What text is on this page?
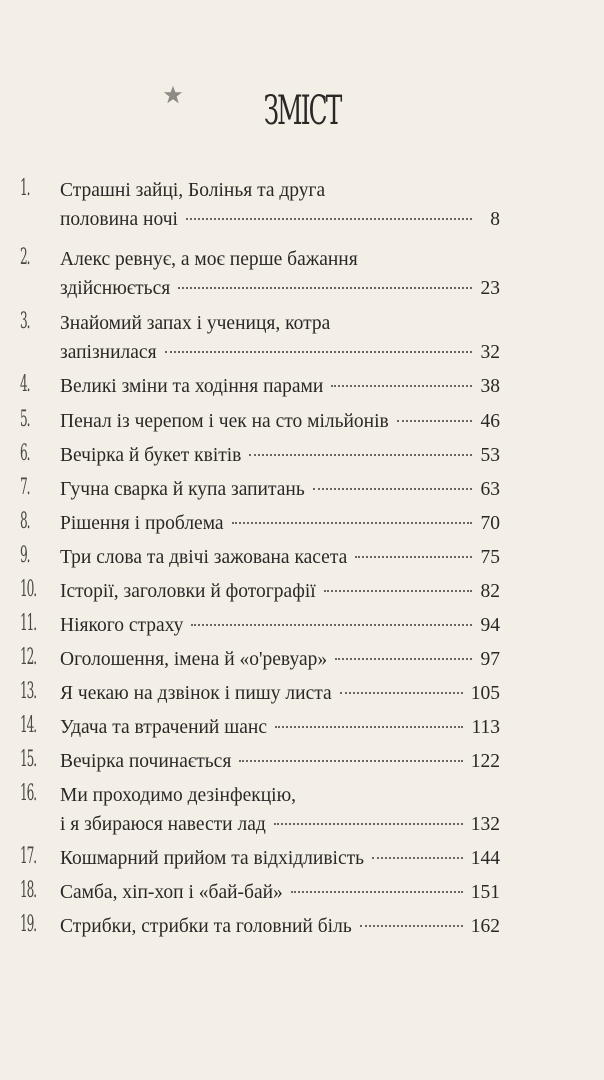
ЗМІСТ
1.	Страшні зайці, Болінья та друга
половина ночі	8
2.	Алекс ревнує, а моє перше бажання
здійснюється	23
3.	Знайомий запах і учениця, котра
запізнилася	32
4.	Великі зміни та ходіння парами	38
5.	Пенал із черепом і чек на сто мільйонів	46
6.	Вечірка й букет квітів	53
7.	Гучна сварка й купа запитань	63
8.	Рішення і проблема	70
9.	Три слова та двічі зажована касета	75
10. Історії, заголовки й фотографії	82
11. Ніякого страху	94
12. Оголошення, імена й «о'ревуар»	97
13. Я чекаю на дзвінок і пишу листа	105
14. Удача та втрачений шанс	113
15. Вечірка починається	122
16. Ми проходимо дезінфекцію,
і я збираюся навести лад	132
17. Кошмарний прийом та відхідливість	144
18. Самба, хіп-хоп і «бай-бай»	151
19. Стрибки, стрибки та головний біль	162
